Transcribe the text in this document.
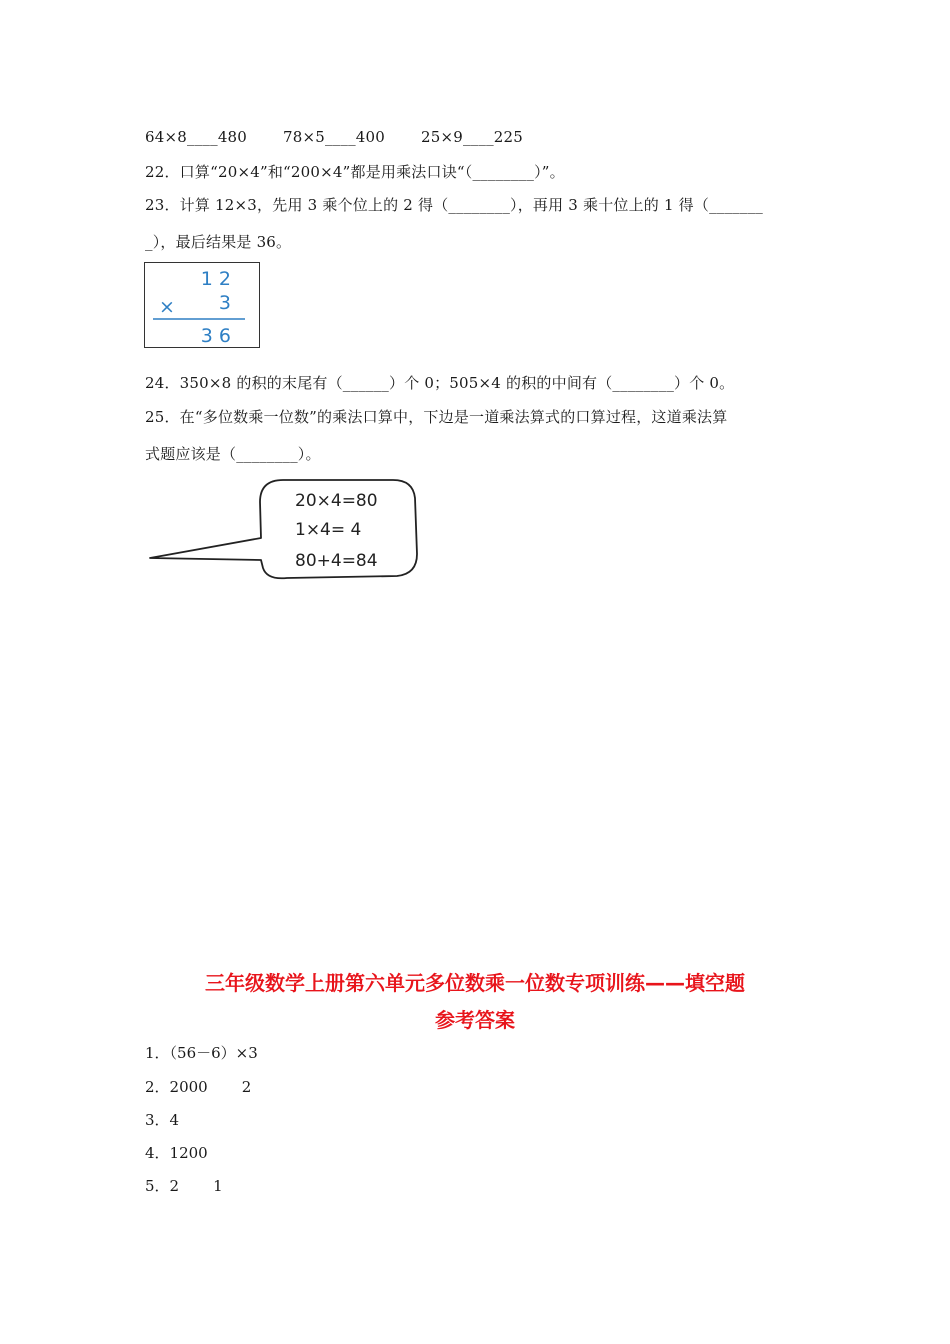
64×8____480 78×5____400 25×9____225
22．口算“20×4”和“200×4”都是用乘法口诀“（________）”。
23．计算 12×3，先用 3 乘个位上的 2 得（________），再用 3 乘十位上的 1 得（_______
_），最后结果是 36。
1 2
× 3
3 6
24．350×8 的积的末尾有（______）个 0；505×4 的积的中间有（________）个 0。
25．在“多位数乘一位数”的乘法口算中，下边是一道乘法算式的口算过程，这道乘法算
式题应该是（________）。
20×4=80
1×4= 4
80+4=84
三年级数学上册第六单元多位数乘一位数专项训练——填空题
参考答案
1．（56－6）×3
2．2000 2
3．4
4．1200
5．2 1
